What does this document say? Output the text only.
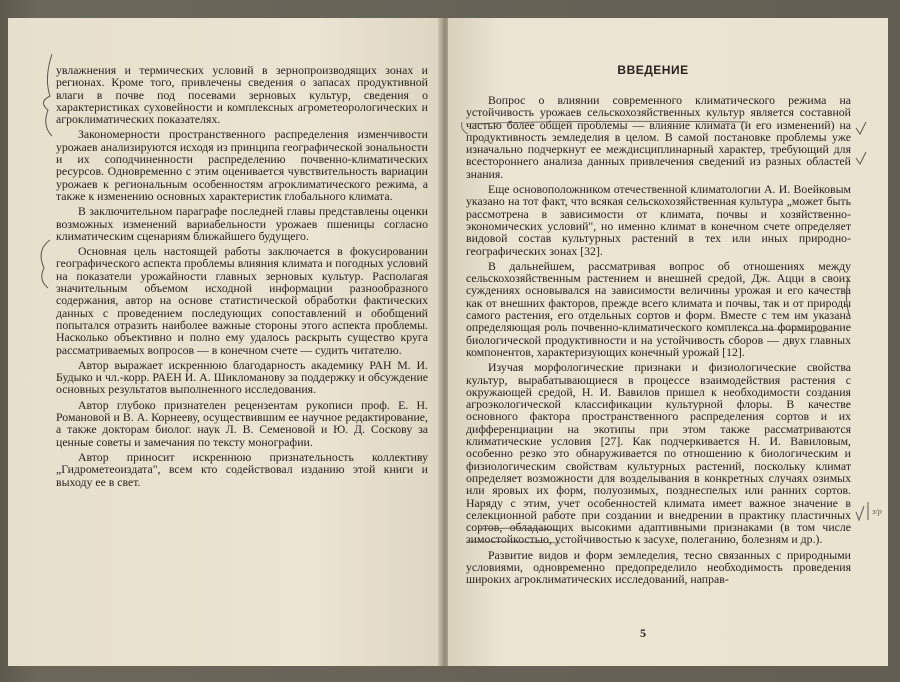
увлажнения и термических условий в зернопроизводящих зонах и регионах. Кроме того, привлечены сведения о запасах продуктивной влаги в почве под посевами зерновых культур, сведения о характеристиках суховейности и комплексных агрометеорологических и агроклиматических показателях.

Закономерности пространственного распределения изменчивости урожаев анализируются исходя из принципа географической зональности и их соподчиненности распределению почвенно-климатических ресурсов. Одновременно с этим оценивается чувствительность вариации урожаев к региональным особенностям агроклиматического режима, а также к изменению основных характеристик глобального климата.

В заключительном параграфе последней главы представлены оценки возможных изменений вариабельности урожаев пшеницы согласно климатическим сценариям ближайшего будущего.

Основная цель настоящей работы заключается в фокусировании географического аспекта проблемы влияния климата и погодных условий на показатели урожайности главных зерновых культур. Располагая значительным объемом исходной информации разнообразного содержания, автор на основе статистической обработки фактических данных с проведением последующих сопоставлений и обобщений попытался отразить наиболее важные стороны этого аспекта проблемы. Насколько объективно и полно ему удалось раскрыть существо круга рассматриваемых вопросов — в конечном счете — судить читателю.

Автор выражает искреннюю благодарность академику РАН М. И. Будыко и чл.-корр. РАЕН И. А. Шикломанову за поддержку и обсуждение основных результатов выполненного исследования.

Автор глубоко признателен рецензентам рукописи проф. Е. Н. Романовой и В. А. Корнееву, осуществившим ее научное редактирование, а также докторам биолог. наук Л. В. Семеновой и Ю. Д. Соскову за ценные советы и замечания по тексту монографии.

Автор приносит искреннюю признательность коллективу „Гидрометеоиздата", всем кто содействовал изданию этой книги и выходу ее в свет.

ВВЕДЕНИЕ

Вопрос о влиянии современного климатического режима на устойчивость урожаев сельскохозяйственных культур является составной частью более общей проблемы — влияние климата (и его изменений) на продуктивность земледелия в целом. В самой постановке проблемы уже изначально подчеркнут ее междисциплинарный характер, требующий для всестороннего анализа данных привлечения сведений из разных областей знания.

Еще основоположником отечественной климатологии А. И. Воейковым указано на тот факт, что всякая сельскохозяйственная культура „может быть рассмотрена в зависимости от климата, почвы и хозяйственно-экономических условий", но именно климат в конечном счете определяет видовой состав культурных растений в тех или иных природно-географических зонах [32].

В дальнейшем, рассматривая вопрос об отношениях между сельскохозяйственным растением и внешней средой, Дж. Ацци в своих суждениях основывался на зависимости величины урожая и его качества как от внешних факторов, прежде всего климата и почвы, так и от природы самого растения, его отдельных сортов и форм. Вместе с тем им указана определяющая роль почвенно-климатического комплекса на формирование биологической продуктивности и на устойчивость сборов — двух главных компонентов, характеризующих конечный урожай [12].

Изучая морфологические признаки и физиологические свойства культур, вырабатывающиеся в процессе взаимодействия растения с окружающей средой, Н. И. Вавилов пришел к необходимости создания агроэкологической классификации культурной флоры. В качестве основного фактора пространственного распределения сортов и их дифференциации на экотипы при этом также рассматриваются климатические условия [27]. Как подчеркивается Н. И. Вавиловым, особенно резко это обнаруживается по отношению к биологическим и физиологическим свойствам культурных растений, поскольку климат определяет возможности для возделывания в конкретных случаях озимых или яровых их форм, полуозимых, позднеспелых или ранних сортов. Наряду с этим, учет особенностей климата имеет важное значение в селекционной работе при создании и внедрении в практику пластичных сортов, обладающих высокими адаптивными признаками (в том числе зимостойкостью, устойчивостью к засухе, полеганию, болезням и др.).

Развитие видов и форм земледелия, тесно связанных с природными условиями, одновременно предопределило необходимость проведения широких агроклиматических исследований, направ-

5
э/р
